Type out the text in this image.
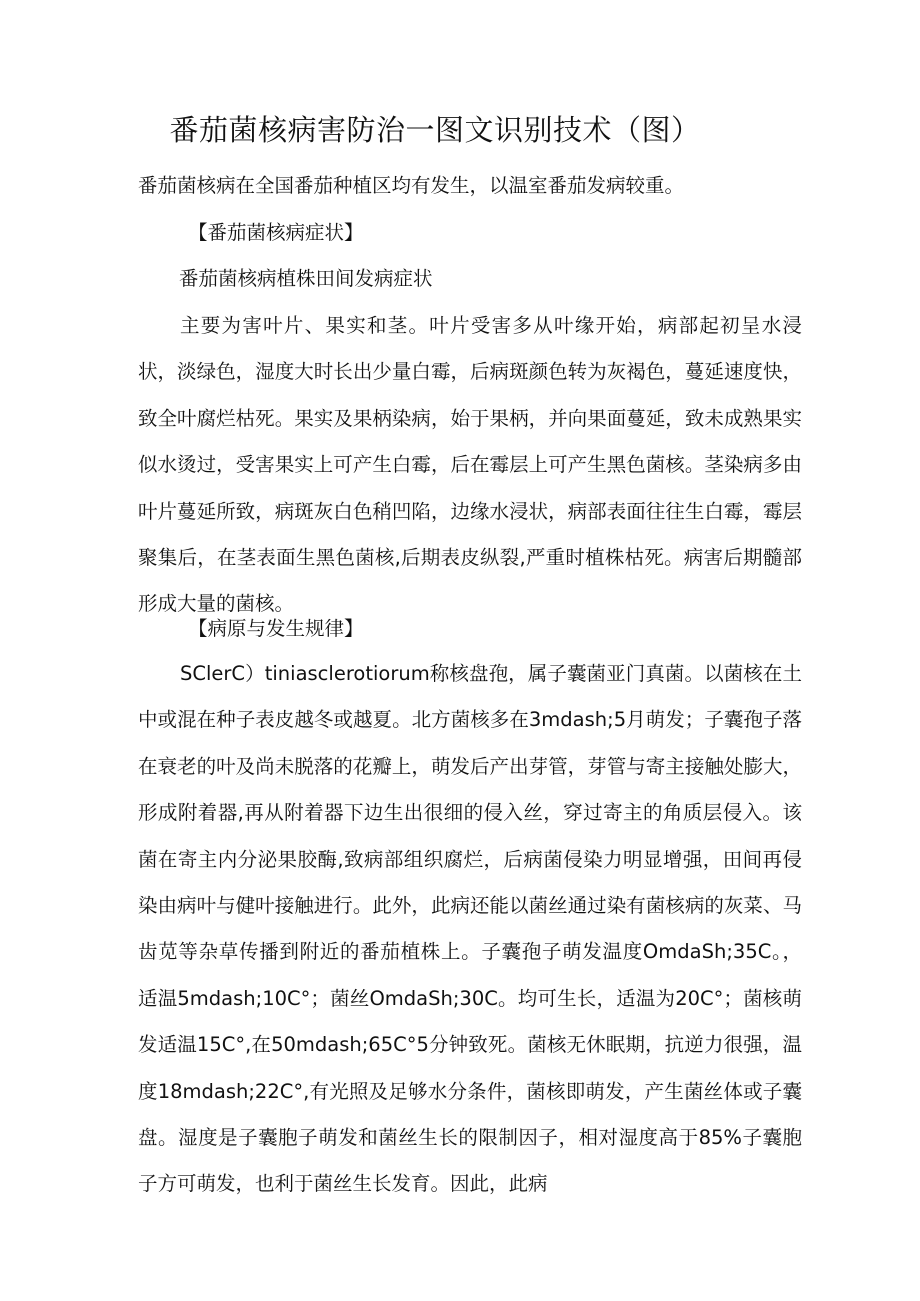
番茄菌核病害防治一图文识别技术（图）

番茄菌核病在全国番茄种植区均有发生，以温室番茄发病较重。

【番茄菌核病症状】

番茄菌核病植株田间发病症状

主要为害叶片、果实和茎。叶片受害多从叶缘开始，病部起初呈水浸状，淡绿色，湿度大时长出少量白霉，后病斑颜色转为灰褐色，蔓延速度快，致全叶腐烂枯死。果实及果柄染病，始于果柄，并向果面蔓延，致未成熟果实似水烫过，受害果实上可产生白霉，后在霉层上可产生黑色菌核。茎染病多由叶片蔓延所致，病斑灰白色稍凹陷，边缘水浸状，病部表面往往生白霉，霉层聚集后，在茎表面生黑色菌核,后期表皮纵裂,严重时植株枯死。病害后期髓部形成大量的菌核。

【病原与发生规律】

SClerC）tiniasclerotiorum称核盘孢，属子囊菌亚门真菌。以菌核在土中或混在种子表皮越冬或越夏。北方菌核多在3mdash;5月萌发；子囊孢子落在衰老的叶及尚未脱落的花瓣上，萌发后产出芽管，芽管与寄主接触处膨大，形成附着器,再从附着器下边生出很细的侵入丝，穿过寄主的角质层侵入。该菌在寄主内分泌果胶酶,致病部组织腐烂，后病菌侵染力明显增强，田间再侵染由病叶与健叶接触进行。此外，此病还能以菌丝通过染有菌核病的灰菜、马齿苋等杂草传播到附近的番茄植株上。子囊孢子萌发温度OmdaSh;35C。，适温5mdash;10C°；菌丝OmdaSh;30C。均可生长，适温为20C°；菌核萌发适温15C°,在50mdash;65C°5分钟致死。菌核无休眠期，抗逆力很强，温度18mdash;22C°,有光照及足够水分条件，菌核即萌发，产生菌丝体或子囊盘。湿度是子囊胞子萌发和菌丝生长的限制因子，相对湿度高于85%子囊胞子方可萌发，也利于菌丝生长发育。因此，此病
